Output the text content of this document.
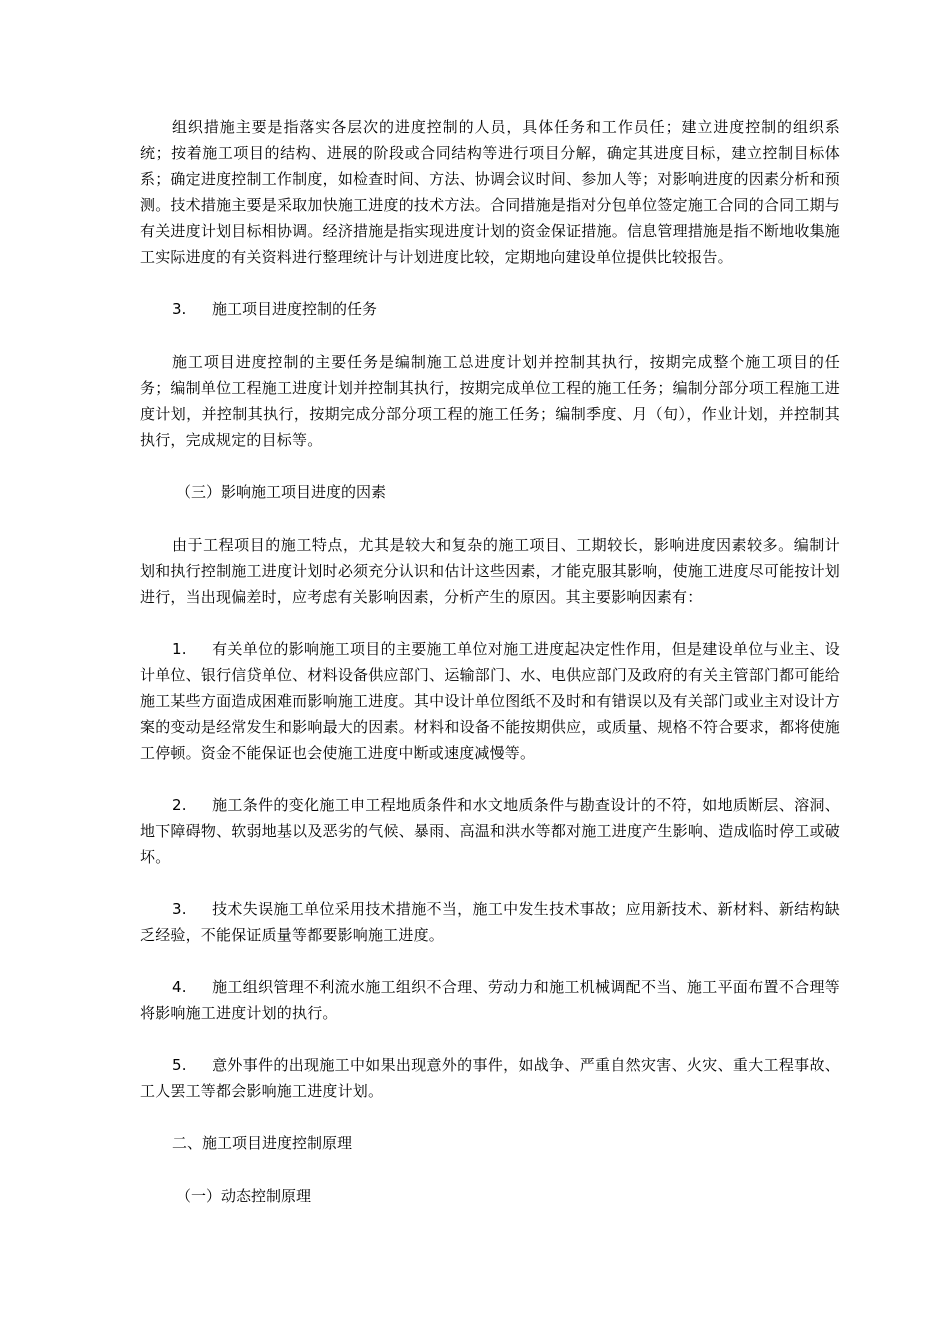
组织措施主要是指落实各层次的进度控制的人员，具体任务和工作员任；建立进度控制的组织系统；按着施工项目的结构、进展的阶段或合同结构等进行项目分解，确定其进度目标，建立控制目标体系；确定进度控制工作制度，如检查时间、方法、协调会议时间、参加人等；对影响进度的因素分析和预测。技术措施主要是采取加快施工进度的技术方法。合同措施是指对分包单位签定施工合同的合同工期与有关进度计划目标相协调。经济措施是指实现进度计划的资金保证措施。信息管理措施是指不断地收集施工实际进度的有关资料进行整理统计与计划进度比较，定期地向建设单位提供比较报告。

3. 施工项目进度控制的任务

施工项目进度控制的主要任务是编制施工总进度计划并控制其执行，按期完成整个施工项目的任务；编制单位工程施工进度计划并控制其执行，按期完成单位工程的施工任务；编制分部分项工程施工进度计划，并控制其执行，按期完成分部分项工程的施工任务；编制季度、月（旬），作业计划，并控制其执行，完成规定的目标等。

（三）影响施工项目进度的因素

由于工程项目的施工特点，尤其是较大和复杂的施工项目、工期较长，影响进度因素较多。编制计划和执行控制施工进度计划时必须充分认识和估计这些因素，才能克服其影响，使施工进度尽可能按计划进行，当出现偏差时，应考虑有关影响因素，分析产生的原因。其主要影响因素有：

1. 有关单位的影响施工项目的主要施工单位对施工进度起决定性作用，但是建设单位与业主、设计单位、银行信贷单位、材料设备供应部门、运输部门、水、电供应部门及政府的有关主管部门都可能给施工某些方面造成困难而影响施工进度。其中设计单位图纸不及时和有错误以及有关部门或业主对设计方案的变动是经常发生和影响最大的因素。材料和设备不能按期供应，或质量、规格不符合要求，都将使施工停顿。资金不能保证也会使施工进度中断或速度减慢等。

2. 施工条件的变化施工申工程地质条件和水文地质条件与勘查设计的不符，如地质断层、溶洞、地下障碍物、软弱地基以及恶劣的气候、暴雨、高温和洪水等都对施工进度产生影响、造成临时停工或破坏。

3. 技术失误施工单位采用技术措施不当，施工中发生技术事故；应用新技术、新材料、新结构缺乏经验，不能保证质量等都要影响施工进度。

4. 施工组织管理不利流水施工组织不合理、劳动力和施工机械调配不当、施工平面布置不合理等将影响施工进度计划的执行。

5. 意外事件的出现施工中如果出现意外的事件，如战争、严重自然灾害、火灾、重大工程事故、工人罢工等都会影响施工进度计划。

二、施工项目进度控制原理

（一）动态控制原理
